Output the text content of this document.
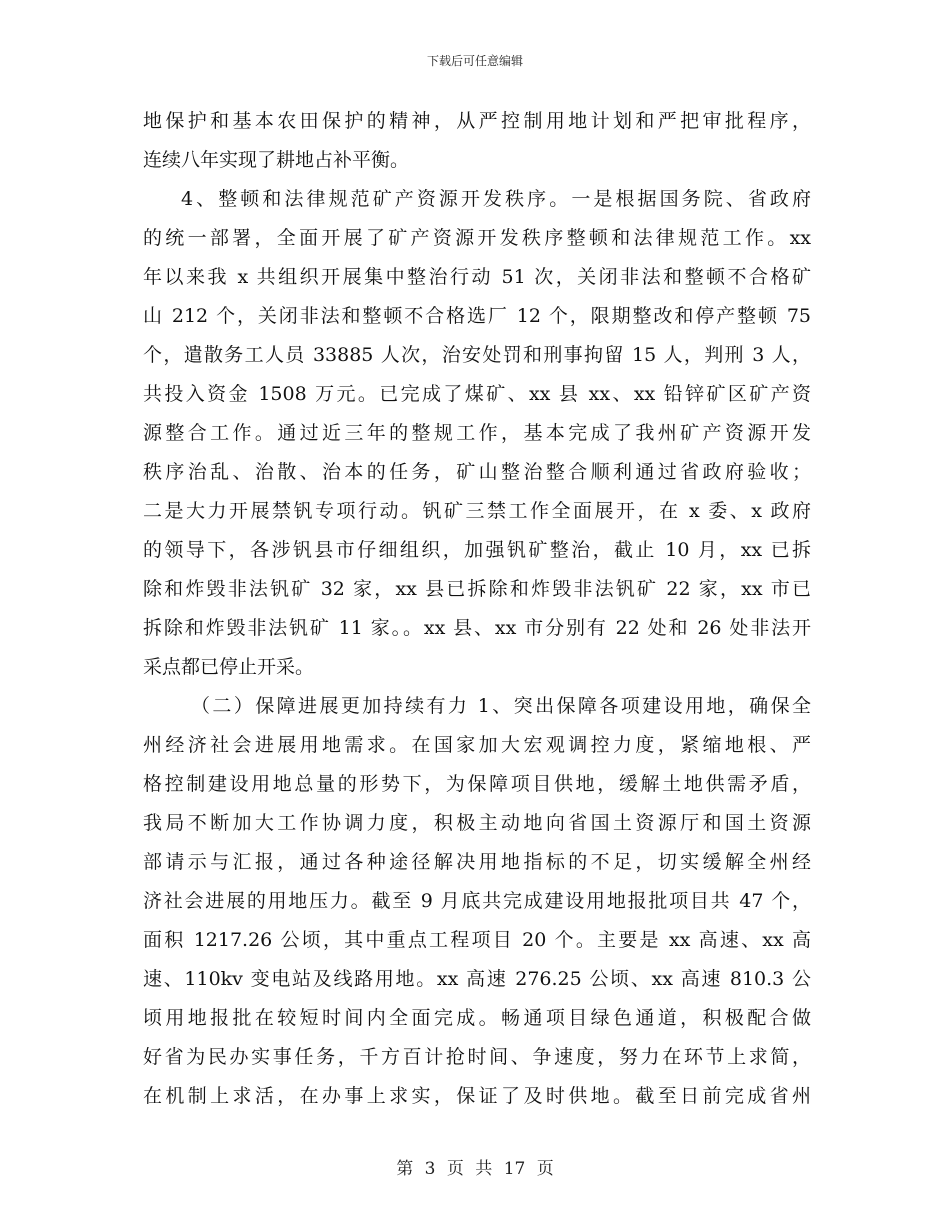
下载后可任意编辑
地保护和基本农田保护的精神，从严控制用地计划和严把审批程序，
连续八年实现了耕地占补平衡。
4、整顿和法律规范矿产资源开发秩序。一是根据国务院、省政府
的统一部署，全面开展了矿产资源开发秩序整顿和法律规范工作。xx
年以来我 x 共组织开展集中整治行动 51 次，关闭非法和整顿不合格矿
山 212 个，关闭非法和整顿不合格选厂 12 个，限期整改和停产整顿 75
个，遣散务工人员 33885 人次，治安处罚和刑事拘留 15 人，判刑 3 人，
共投入资金 1508 万元。已完成了煤矿、xx 县 xx、xx 铅锌矿区矿产资
源整合工作。通过近三年的整规工作，基本完成了我州矿产资源开发
秩序治乱、治散、治本的任务，矿山整治整合顺利通过省政府验收；
二是大力开展禁钒专项行动。钒矿三禁工作全面展开，在 x 委、x 政府
的领导下，各涉钒县市仔细组织，加强钒矿整治，截止 10 月，xx 已拆
除和炸毁非法钒矿 32 家，xx 县已拆除和炸毁非法钒矿 22 家，xx 市已
拆除和炸毁非法钒矿 11 家。。xx 县、xx 市分别有 22 处和 26 处非法开
采点都已停止开采。
（二）保障进展更加持续有力 1、突出保障各项建设用地，确保全
州经济社会进展用地需求。在国家加大宏观调控力度，紧缩地根、严
格控制建设用地总量的形势下，为保障项目供地，缓解土地供需矛盾，
我局不断加大工作协调力度，积极主动地向省国土资源厅和国土资源
部请示与汇报，通过各种途径解决用地指标的不足，切实缓解全州经
济社会进展的用地压力。截至 9 月底共完成建设用地报批项目共 47 个，
面积 1217.26 公顷，其中重点工程项目 20 个。主要是 xx 高速、xx 高
速、110kv 变电站及线路用地。xx 高速 276.25 公顷、xx 高速 810.3 公
顷用地报批在较短时间内全面完成。畅通项目绿色通道，积极配合做
好省为民办实事任务，千方百计抢时间、争速度，努力在环节上求简，
在机制上求活，在办事上求实，保证了及时供地。截至日前完成省州
第 3 页 共 17 页
